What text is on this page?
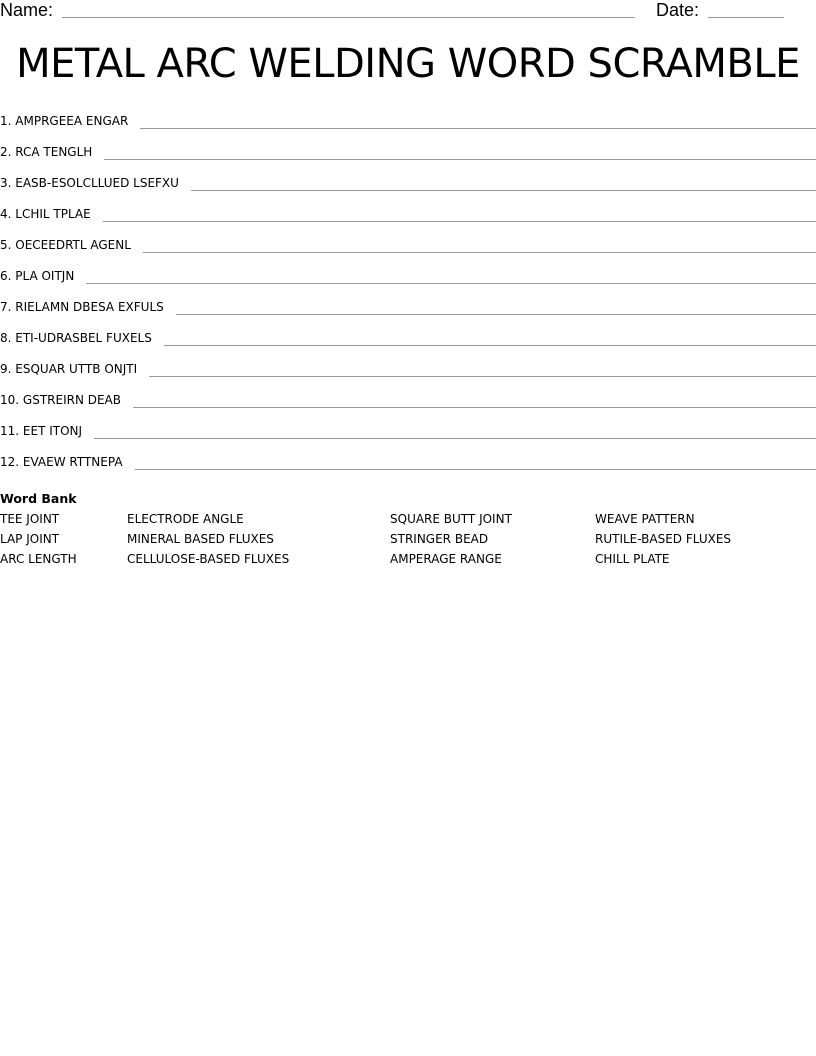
Name:	Date:
METAL ARC WELDING WORD SCRAMBLE
1. AMPRGEEA ENGAR
2. RCA TENGLH
3. EASB-ESOLCLLUED LSEFXU
4. LCHIL TPLAE
5. OECEEDRTL AGENL
6. PLA OITJN
7. RIELAMN DBESA EXFULS
8. ETI-UDRASBEL FUXELS
9. ESQUAR UTTB ONJTI
10. GSTREIRN DEAB
11. EET ITONJ
12. EVAEW RTTNEPA
Word Bank
TEE JOINT
LAP JOINT
ARC LENGTH
ELECTRODE ANGLE
MINERAL BASED FLUXES
CELLULOSE-BASED FLUXES
SQUARE BUTT JOINT
STRINGER BEAD
AMPERAGE RANGE
WEAVE PATTERN
RUTILE-BASED FLUXES
CHILL PLATE
